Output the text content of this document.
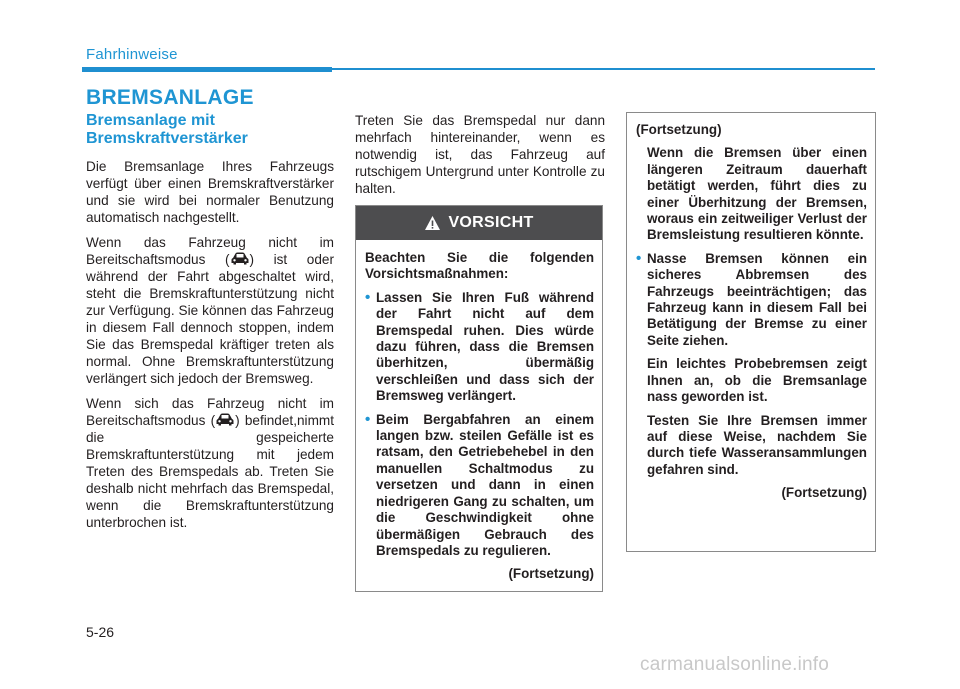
Fahrhinweise
BREMSANLAGE
Bremsanlage mit Bremskraftverstärker

Die Bremsanlage Ihres Fahrzeugs verfügt über einen Bremskraftverstärker und sie wird bei normaler Benutzung automatisch nachgestellt.

Wenn das Fahrzeug nicht im Bereitschaftsmodus ( ) ist oder während der Fahrt abgeschaltet wird, steht die Bremskraftunterstützung nicht zur Verfügung. Sie können das Fahrzeug in diesem Fall dennoch stoppen, indem Sie das Bremspedal kräftiger treten als normal. Ohne Bremskraftunterstützung verlängert sich jedoch der Bremsweg.

Wenn sich das Fahrzeug nicht im Bereitschaftsmodus ( ) befindet,nimmt die gespeicherte Bremskraftunterstützung mit jedem Treten des Bremspedals ab. Treten Sie deshalb nicht mehrfach das Bremspedal, wenn die Bremskraftunterstützung unterbrochen ist.

Treten Sie das Bremspedal nur dann mehrfach hintereinander, wenn es notwendig ist, das Fahrzeug auf rutschigem Untergrund unter Kontrolle zu halten.

VORSICHT

Beachten Sie die folgenden Vorsichtsmaßnahmen:

• Lassen Sie Ihren Fuß während der Fahrt nicht auf dem Bremspedal ruhen. Dies würde dazu führen, dass die Bremsen überhitzen, übermäßig verschleißen und dass sich der Bremsweg verlängert.

• Beim Bergabfahren an einem langen bzw. steilen Gefälle ist es ratsam, den Getriebehebel in den manuellen Schaltmodus zu versetzen und dann in einen niedrigeren Gang zu schalten, um die Geschwindigkeit ohne übermäßigen Gebrauch des Bremspedals zu regulieren.

(Fortsetzung)

(Fortsetzung)

Wenn die Bremsen über einen längeren Zeitraum dauerhaft betätigt werden, führt dies zu einer Überhitzung der Bremsen, woraus ein zeitweiliger Verlust der Bremsleistung resultieren könnte.

• Nasse Bremsen können ein sicheres Abbremsen des Fahrzeugs beeinträchtigen; das Fahrzeug kann in diesem Fall bei Betätigung der Bremse zu einer Seite ziehen.

Ein leichtes Probebremsen zeigt Ihnen an, ob die Bremsanlage nass geworden ist.

Testen Sie Ihre Bremsen immer auf diese Weise, nachdem Sie durch tiefe Wasseransammlungen gefahren sind.

(Fortsetzung)

5-26
carmanualsonline.info
